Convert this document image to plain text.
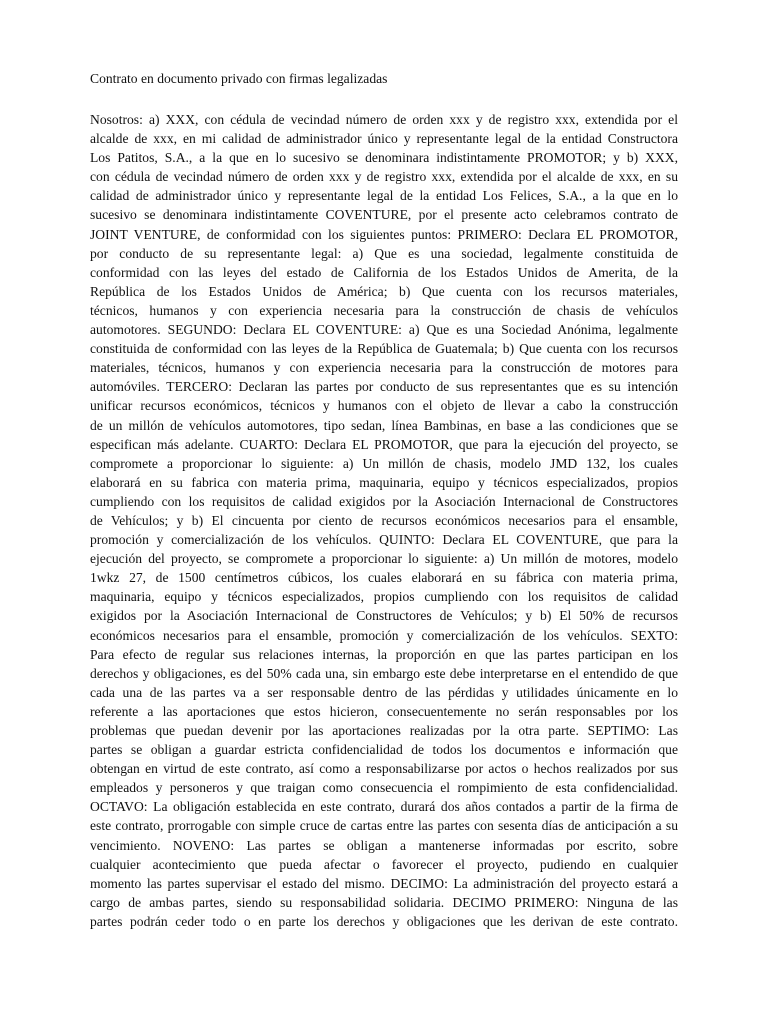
Contrato en documento privado con firmas legalizadas
Nosotros: a) XXX, con cédula de vecindad número de orden xxx y de registro xxx, extendida por el
alcalde de xxx, en mi calidad de administrador único y representante legal de la entidad Constructora
Los Patitos, S.A., a la que en lo sucesivo se denominara indistintamente PROMOTOR; y b) XXX,
con cédula de vecindad número de orden xxx y de registro xxx, extendida por el alcalde de xxx, en su
calidad de administrador único y representante legal de la entidad Los Felices, S.A., a la que en lo
sucesivo se denominara indistintamente COVENTURE, por el presente acto celebramos contrato de
JOINT VENTURE, de conformidad con los siguientes puntos: PRIMERO: Declara EL PROMOTOR,
por conducto de su representante legal: a) Que es una sociedad, legalmente constituida de
conformidad con las leyes del estado de California de los Estados Unidos de Amerita, de la
República de los Estados Unidos de América; b) Que cuenta con los recursos materiales,
técnicos, humanos y con experiencia necesaria para la construcción de chasis de vehículos
automotores. SEGUNDO: Declara EL COVENTURE: a) Que es una Sociedad Anónima, legalmente
constituida de conformidad con las leyes de la República de Guatemala; b) Que cuenta con los recursos
materiales, técnicos, humanos y con experiencia necesaria para la construcción de motores para
automóviles. TERCERO: Declaran las partes por conducto de sus representantes que es su intención
unificar recursos económicos, técnicos y humanos con el objeto de llevar a cabo la construcción
de un millón de vehículos automotores, tipo sedan, línea Bambinas, en base a las condiciones que se
especifican más adelante. CUARTO: Declara EL PROMOTOR, que para la ejecución del proyecto, se
compromete a proporcionar lo siguiente: a) Un millón de chasis, modelo JMD 132, los cuales
elaborará en su fabrica con materia prima, maquinaria, equipo y técnicos especializados, propios
cumpliendo con los requisitos de calidad exigidos por la Asociación Internacional de Constructores
de Vehículos; y b) El cincuenta por ciento de recursos económicos necesarios para el ensamble,
promoción y comercialización de los vehículos. QUINTO: Declara EL COVENTURE, que para la
ejecución del proyecto, se compromete a proporcionar lo siguiente: a) Un millón de motores, modelo
1wkz 27, de 1500 centímetros cúbicos, los cuales elaborará en su fábrica con materia prima,
maquinaria, equipo y técnicos especializados, propios cumpliendo con los requisitos de calidad
exigidos por la Asociación Internacional de Constructores de Vehículos; y b) El 50% de recursos
económicos necesarios para el ensamble, promoción y comercialización de los vehículos. SEXTO:
Para efecto de regular sus relaciones internas, la proporción en que las partes participan en los
derechos y obligaciones, es del 50% cada una, sin embargo este debe interpretarse en el entendido de que
cada una de las partes va a ser responsable dentro de las pérdidas y utilidades únicamente en lo
referente a las aportaciones que estos hicieron, consecuentemente no serán responsables por los
problemas que puedan devenir por las aportaciones realizadas por la otra parte. SEPTIMO: Las
partes se obligan a guardar estricta confidencialidad de todos los documentos e información que
obtengan en virtud de este contrato, así como a responsabilizarse por actos o hechos realizados por sus
empleados y personeros y que traigan como consecuencia el rompimiento de esta confidencialidad.
OCTAVO: La obligación establecida en este contrato, durará dos años contados a partir de la firma de
este contrato, prorrogable con simple cruce de cartas entre las partes con sesenta días de anticipación a su
vencimiento. NOVENO: Las partes se obligan a mantenerse informadas por escrito, sobre
cualquier acontecimiento que pueda afectar o favorecer el proyecto, pudiendo en cualquier
momento las partes supervisar el estado del mismo. DECIMO: La administración del proyecto estará a
cargo de ambas partes, siendo su responsabilidad solidaria. DECIMO PRIMERO: Ninguna de las
partes podrán ceder todo o en parte los derechos y obligaciones que les derivan de este contrato.
